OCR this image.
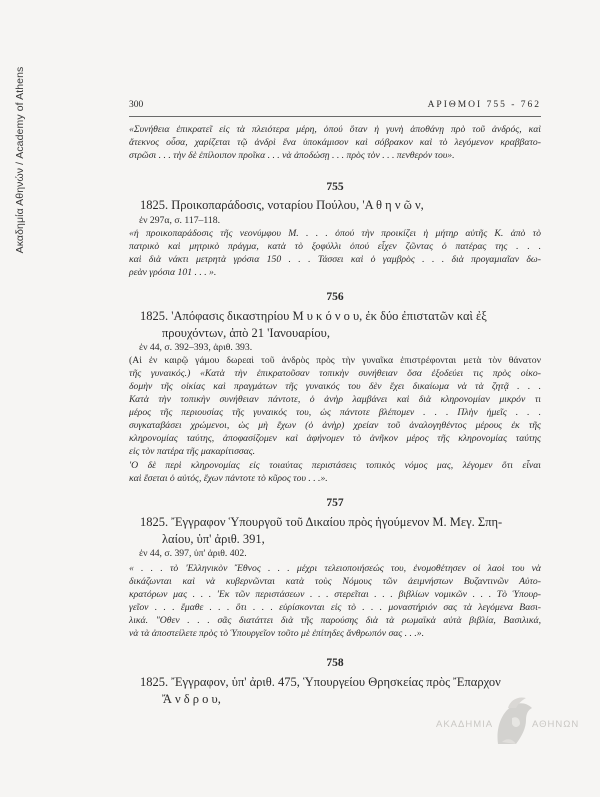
Ακαδημία Αθηνών / Academy of Athens	300	ΑΡΙΘΜΟΙ 755 - 762
«Συνήθεια ἐπικρατεῖ εἰς τὰ πλειότερα μέρη, ὁπού ὅταν ἡ γυνὴ ἀποθάνῃ πρὸ τοῦ ἀνδρός, καὶ
ἄτεκνος οὖσα, χαρίζεται τῷ ἀνδρὶ ἕνα ὑποκάμισον καὶ σόβρακον καὶ τὸ λεγόμενον κραββατο-
στρῶσι . . . τὴν δὲ ἐπίλοιπον προῖκα . . . νὰ ἀποδώσῃ . . . πρὸς τὸν . . . πενθερόν του».
755
1825. Προικοπαράδοσις, νοταρίου Πούλου, 'Α θ η ν ῶ ν,
ἐν 297α, σ. 117–118.
«ἡ προικοπαράδοσις τῆς νεονύμφου Μ. . . . ὁπού τὴν προικίζει ἡ μήτηρ αὐτῆς Κ. ἀπὸ τὸ
πατρικὸ καὶ μητρικὸ πράγμα, κατὰ τὸ ξοφύλλι ὁπού εἶχεν ζῶντας ὁ πατέρας της . . .
καὶ διὰ νάκτι μετρητὰ γρόσια 150 . . . Τάσσει καὶ ὁ γαμβρὸς . . . διὰ προγαμιαῖαν δω-
ρεὰν γρόσια 101 . . . ».
756
1825. 'Απόφασις δικαστηρίου Μ υ κ ό ν ο υ, ἐκ δύο ἐπιστατῶν καὶ ἐξ
προυχόντων, ἀπὸ 21 'Ιανουαρίου,
ἐν 44, σ. 392–393, ἀριθ. 393.
(Αἱ ἐν καιρῷ γάμου δωρεαὶ τοῦ ἀνδρὸς πρὸς τὴν γυναῖκα ἐπιστρέφονται μετὰ τὸν θάνατον
τῆς γυναικός.) «Κατὰ τὴν ἐπικρατοῦσαν τοπικὴν συνήθειαν ὅσα ἐξοδεύει τις πρὸς οἰκο-
δομὴν τῆς οἰκίας καὶ πραγμάτων τῆς γυναικός του δὲν ἔχει δικαίωμα νὰ τὰ ζητᾷ . . .
Κατὰ τὴν τοπικὴν συνήθειαν πάντοτε, ὁ ἀνὴρ λαμβάνει καὶ διὰ κληρονομίαν μικρόν τι
μέρος τῆς περιουσίας τῆς γυναικός του, ὡς πάντοτε βλέπομεν . . . Πλὴν ἡμεῖς . . .
συγκαταβάσει χρώμενοι, ὡς μὴ ἔχων (ὁ ἀνὴρ) χρείαν τοῦ ἀναλογηθέντος μέρους ἐκ τῆς
κληρονομίας ταύτης, ἀποφασίζομεν καὶ ἀφήνομεν τὸ ἀνῆκον μέρος τῆς κληρονομίας ταύτης
εἰς τὸν πατέρα τῆς μακαρίτισσας.
'Ο δὲ περὶ κληρονομίας εἰς τοιαύτας περιστάσεις τοπικὸς νόμος μας, λέγομεν ὅτι εἶναι
καὶ ἔσεται ὁ αὐτός, ἔχων πάντοτε τὸ κῦρος του . . .».
757
1825. Ἔγγραφον Ὑπουργοῦ τοῦ Δικαίου πρὸς ἡγούμενον Μ. Μεγ. Σπη-
λαίου, ὑπ' ἀριθ. 391,
ἐν 44, σ. 397, ὑπ' ἀριθ. 402.
« . . . τὸ 'Ελληνικὸν Ἔθνος . . . μέχρι τελειοποιήσεώς του, ἐνομοθέτησεν οἱ λαοὶ του νὰ
δικάζωνται καὶ νὰ κυβερνῶνται κατὰ τοὺς Νόμους τῶν ἀειμνήστων Βυζαντινῶν Αὐτο-
κρατόρων μας . . . 'Εκ τῶν περιστάσεων . . . στερεῖται . . . βιβλίων νομικῶν . . . Τὸ Ὑπουρ-
γεῖον . . . ἔμαθε . . . ὅτι . . . εὑρίσκονται εἰς τὸ . . . μοναστήριόν σας τὰ λεγόμενα Βασι-
λικά. "Οθεν . . . σᾶς διατάττει διὰ τῆς παρούσης διὰ τὰ ρωμαϊκὰ αὐτὰ βιβλία, Βασιλικά,
νὰ τὰ ἀποστείλετε πρὸς τὸ Ὑπουργεῖον τοῦτο μὲ ἐπίτηδες ἄνθρωπόν σας . . .».
758
1825. Ἔγγραφον, ὑπ' ἀριθ. 475, Ὑπουργείου Θρησκείας πρὸς Ἔπαρχον
Ἄ ν δ ρ ο υ,
ΑΚΑΔΗΜΙΑ	ΑΘΗΝΩΝ
